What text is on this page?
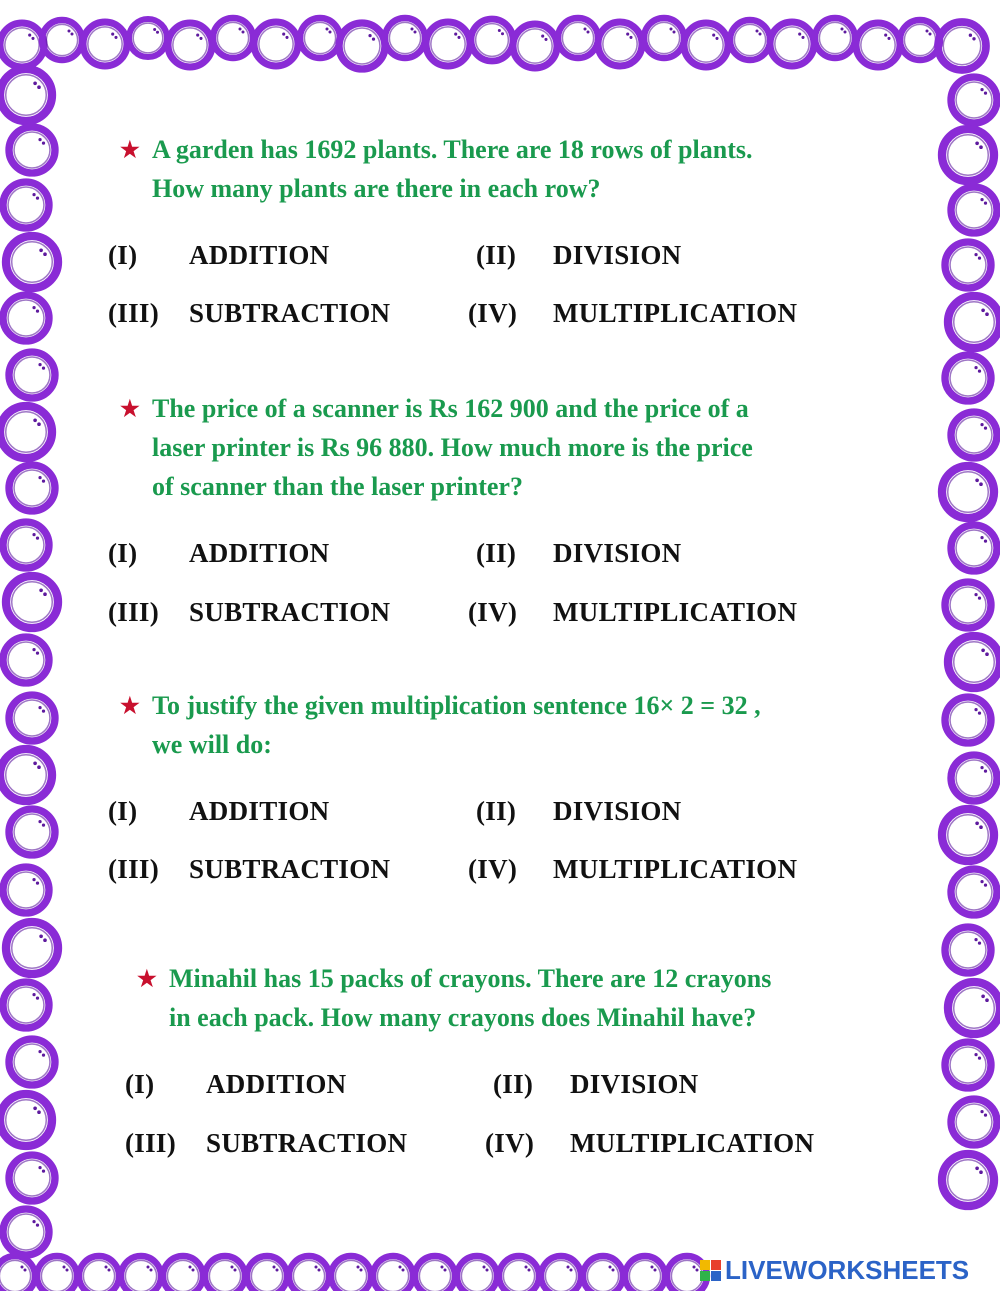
★ A garden has 1692 plants. There are 18 rows of plants.
How many plants are there in each row?
(I) ADDITION	(II) DIVISION
(III) SUBTRACTION	(IV) MULTIPLICATION
★ The price of a scanner is Rs 162 900 and the price of a
laser printer is Rs 96 880. How much more is the price
of scanner than the laser printer?
(I) ADDITION	(II) DIVISION
(III) SUBTRACTION	(IV) MULTIPLICATION
★ To justify the given multiplication sentence 16× 2 = 32 ,
we will do:
(I) ADDITION	(II) DIVISION
(III) SUBTRACTION	(IV) MULTIPLICATION
★ Minahil has 15 packs of crayons. There are 12 crayons
in each pack. How many crayons does Minahil have?
(I) ADDITION	(II) DIVISION
(III) SUBTRACTION	(IV) MULTIPLICATION
LIVEWORKSHEETS
